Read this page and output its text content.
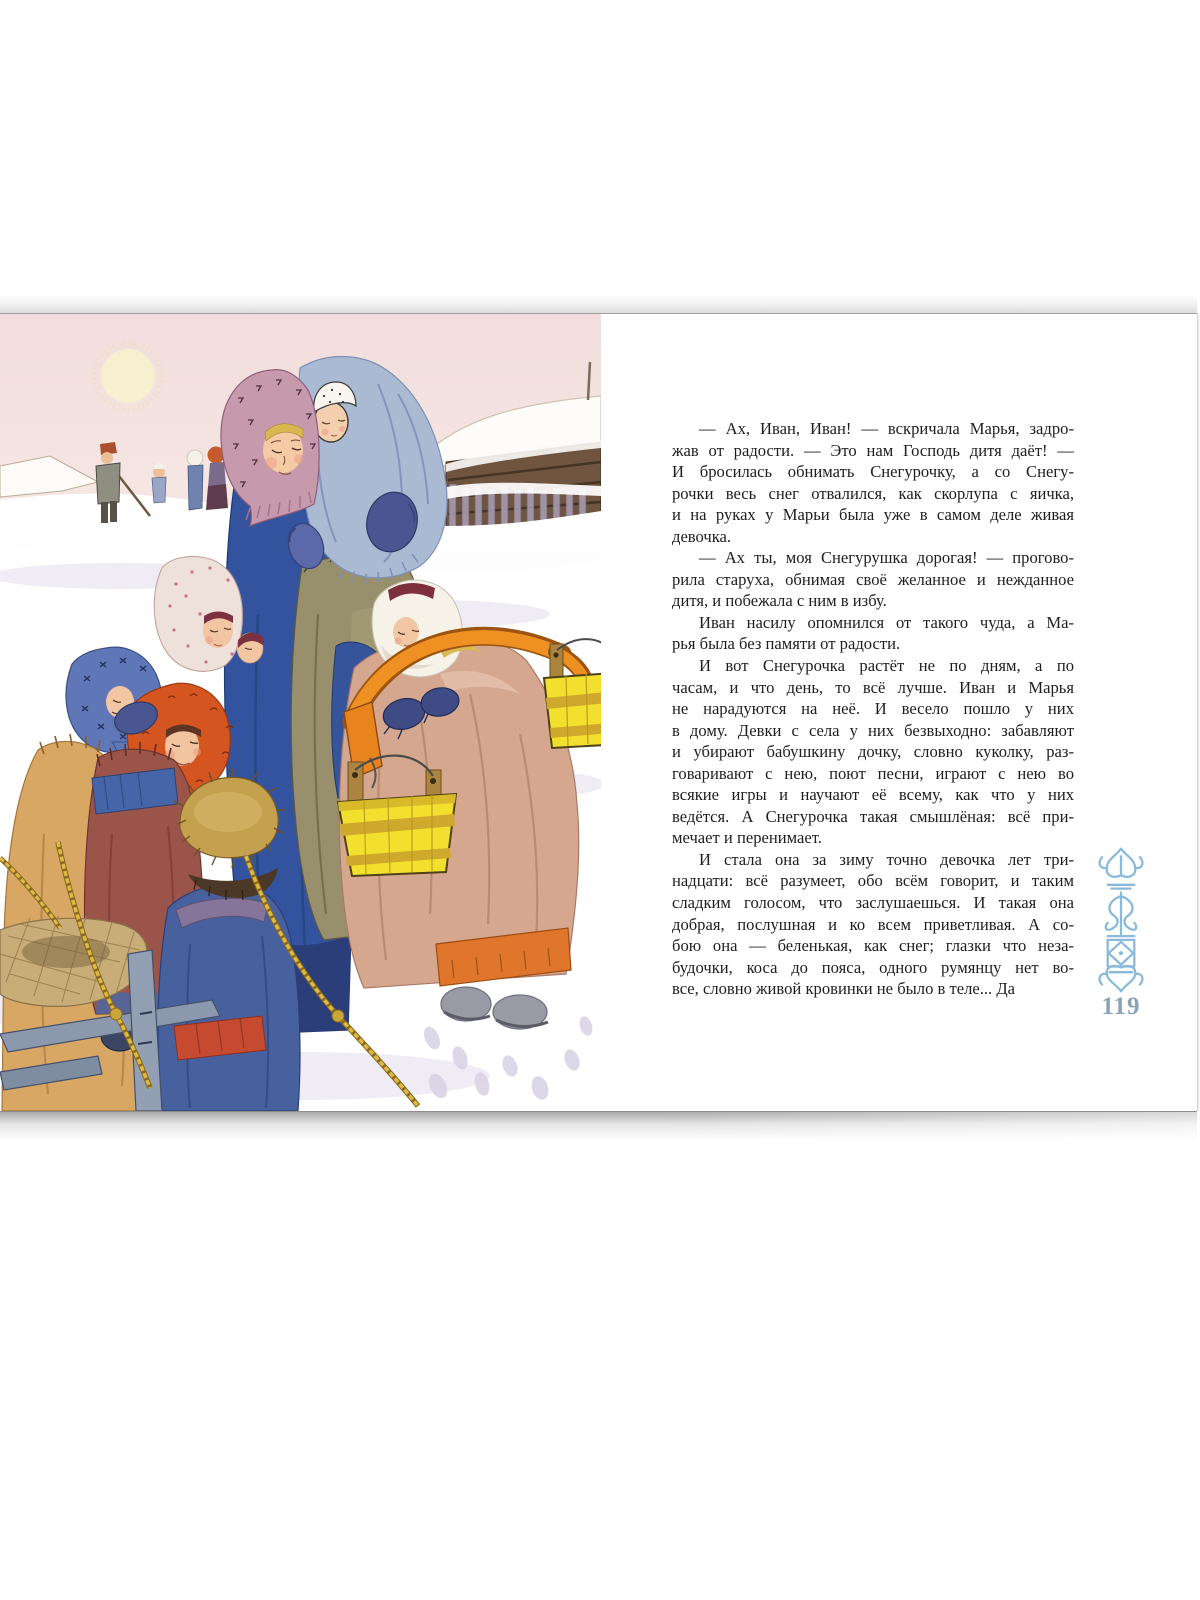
— Ах, Иван, Иван! — вскричала Марья, задро-
жав от радости. — Это нам Господь дитя даёт! —
И бросилась обнимать Снегурочку, а со Снегу-
рочки весь снег отвалился, как скорлупа с яичка,
и на руках у Марьи была уже в самом деле живая
девочка.
— Ах ты, моя Снегурушка дорогая! — прогово-
рила старуха, обнимая своё желанное и нежданное
дитя, и побежала с ним в избу.
Иван насилу опомнился от такого чуда, а Ма-
рья была без памяти от радости.
И вот Снегурочка растёт не по дням, а по
часам, и что день, то всё лучше. Иван и Марья
не нарадуются на неё. И весело пошло у них
в дому. Девки с села у них безвыходно: забавляют
и убирают бабушкину дочку, словно куколку, раз-
говаривают с нею, поют песни, играют с нею во
всякие игры и научают её всему, как что у них
ведётся. А Снегурочка такая смышлёная: всё при-
мечает и перенимает.
И стала она за зиму точно девочка лет три-
надцати: всё разумеет, обо всём говорит, и таким
сладким голосом, что заслушаешься. И такая она
добрая, послушная и ко всем приветливая. А со-
бою она — беленькая, как снег; глазки что неза-
будочки, коса до пояса, одного румянцу нет во-
все, словно живой кровинки не было в теле... Да
119
